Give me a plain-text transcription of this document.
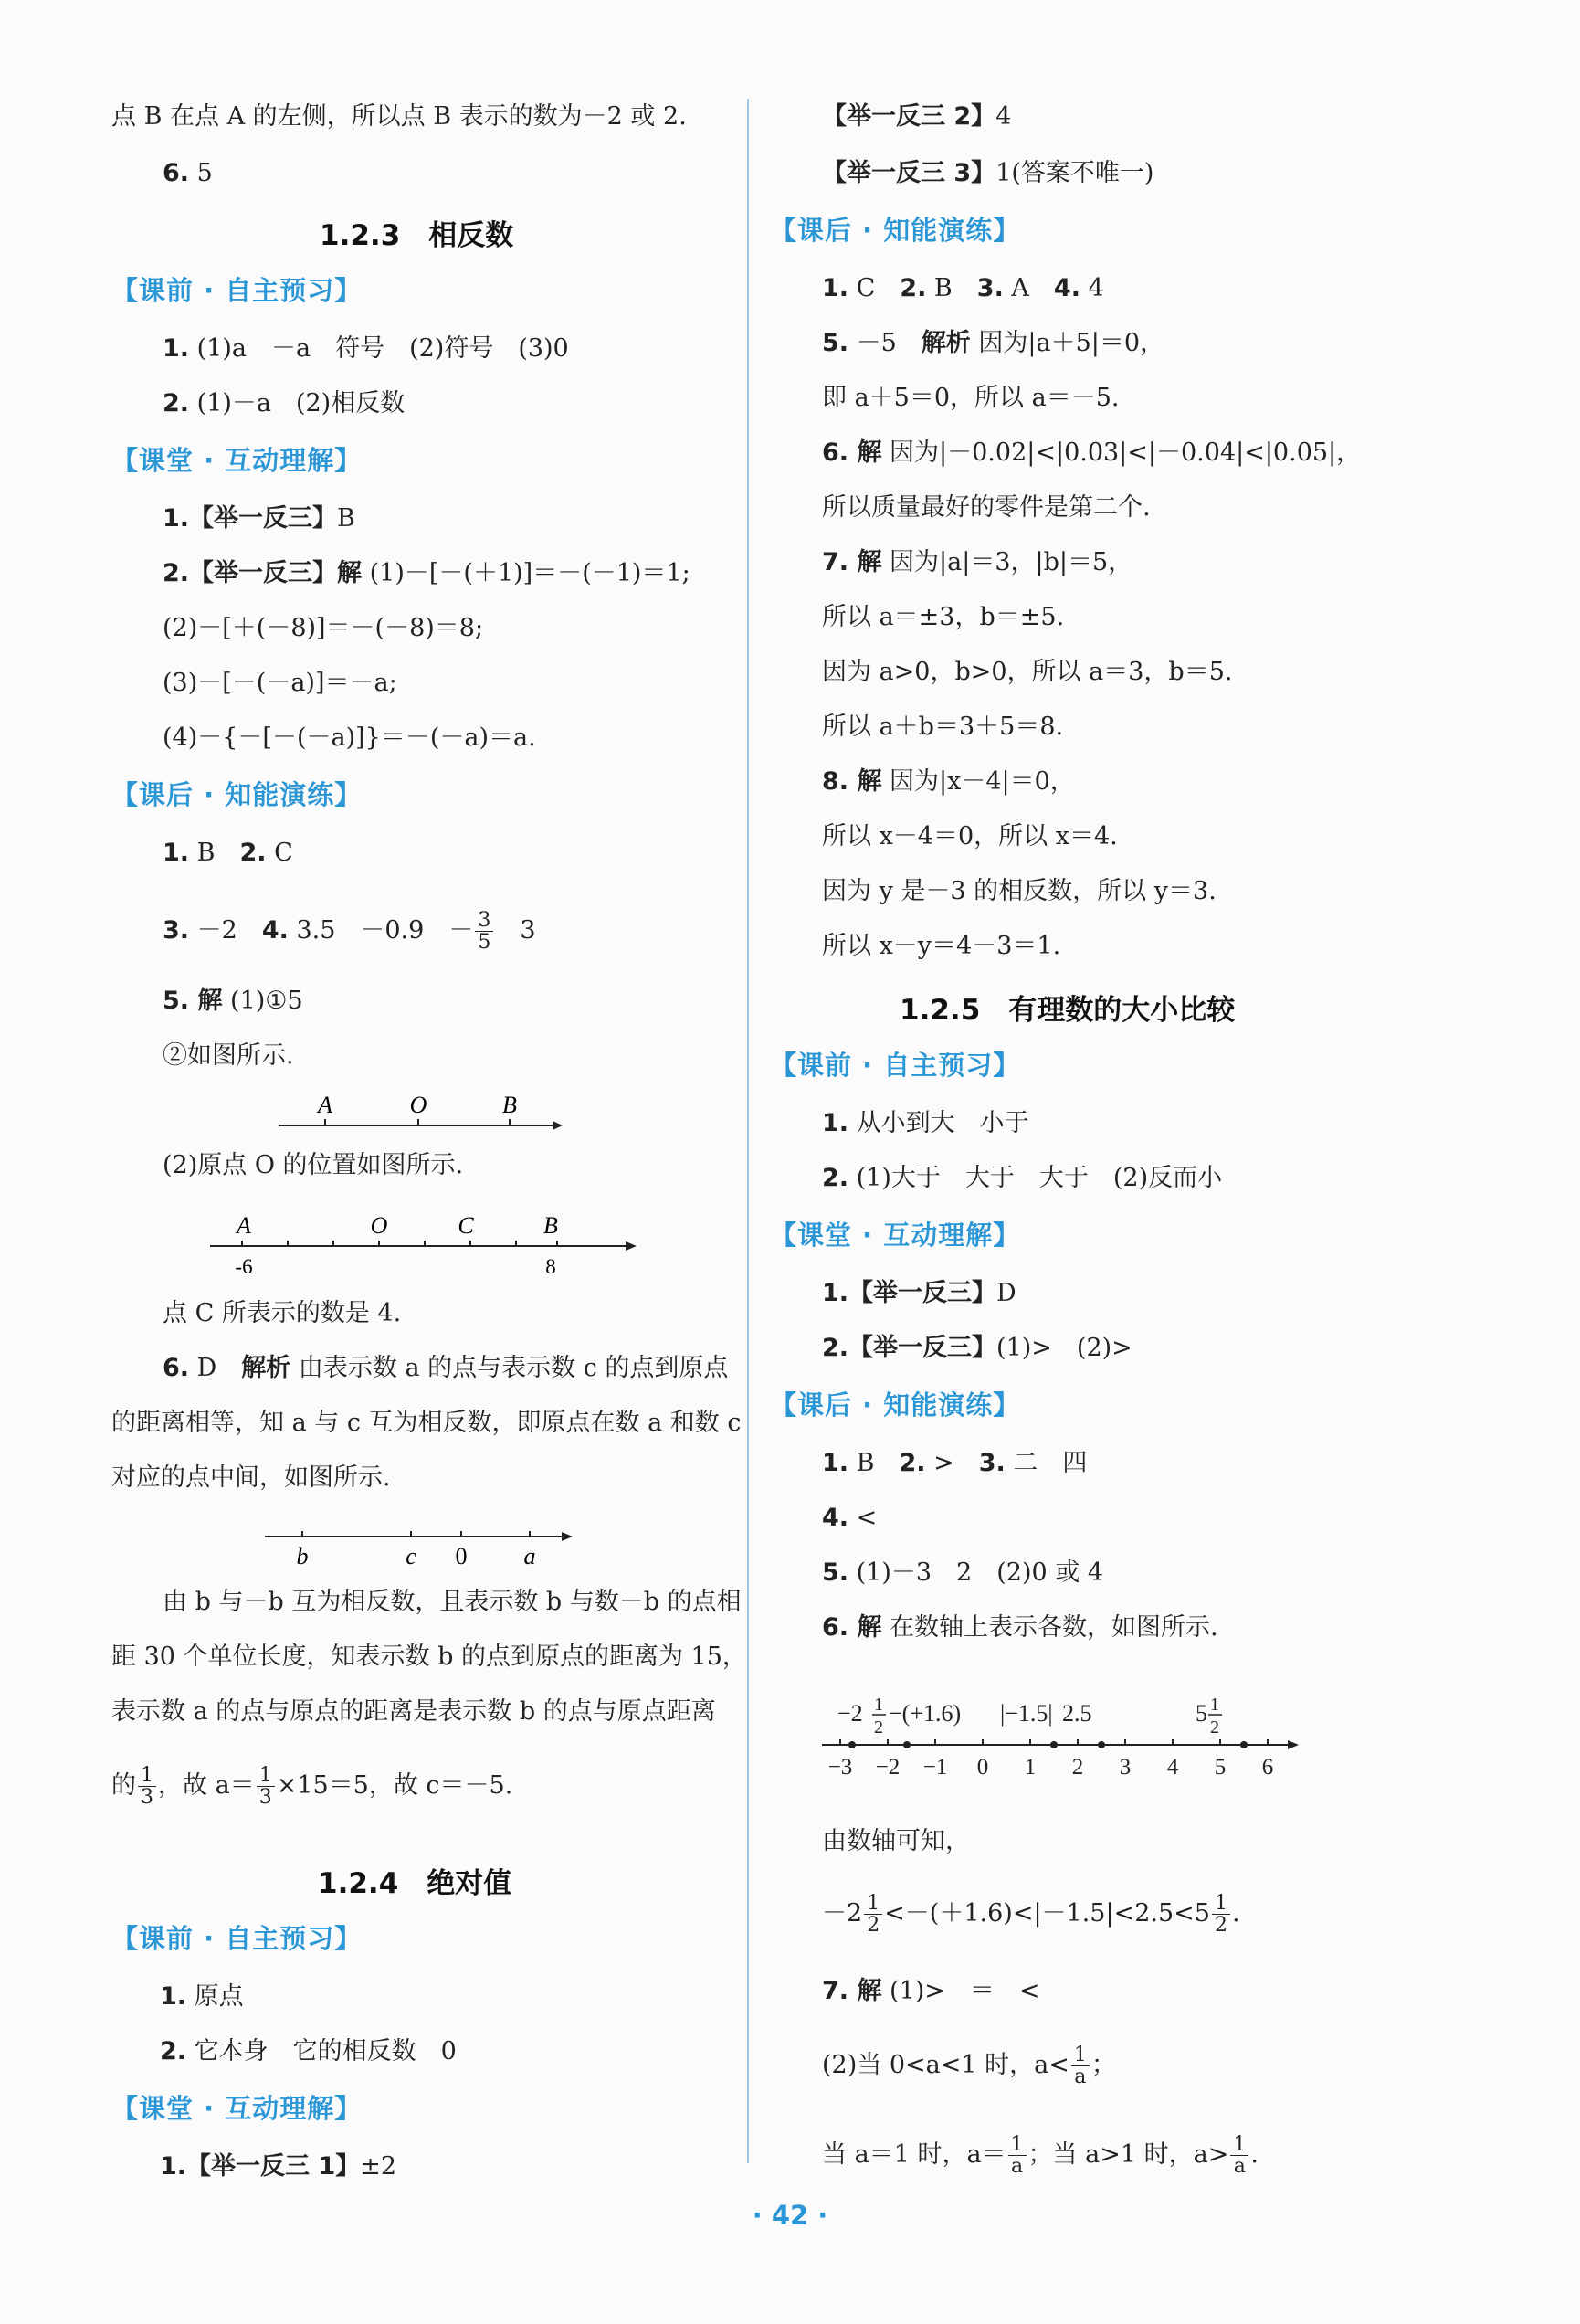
点 B 在点 A 的左侧，所以点 B 表示的数为－2 或 2.
6. 5
1.2.3　相反数
【课前 · 自主预习】
1. (1)a　－a　符号　(2)符号　(3)0
2. (1)－a　(2)相反数
【课堂 · 互动理解】
1.【举一反三】B
2.【举一反三】解 (1)－[－(＋1)]＝－(－1)＝1;
(2)－[＋(－8)]＝－(－8)＝8;
(3)－[－(－a)]＝－a;
(4)－{－[－(－a)]}＝－(－a)＝a.
【课后 · 知能演练】
1. B　2. C
3. －2　4. 3.5　－0.9　－ $\frac{3}{5}$ 　3
5. 解 (1)①5
②如图所示.
A	O	B
(2)原点 O 的位置如图所示.
A	O	C	B
-6	8
点 C 所表示的数是 4.
6. D　解析 由表示数 a 的点与表示数 c 的点到原点
的距离相等，知 a 与 c 互为相反数，即原点在数 a 和数 c
对应的点中间，如图所示.
b	c 0 a
由 b 与－b 互为相反数，且表示数 b 与数－b 的点相
距 30 个单位长度，知表示数 b 的点到原点的距离为 15，
表示数 a 的点与原点的距离是表示数 b 的点与原点距离
的 $\frac{1}{3}$ ，故 $a= \frac{1}{3} \times 15=5$，故 c＝－5.
1.2.4　绝对值
【课前 · 自主预习】
1. 原点
2. 它本身　它的相反数　0
【课堂 · 互动理解】
1.【举一反三 1】±2
【举一反三 2】4
【举一反三 3】1(答案不唯一)
【课后 · 知能演练】
1. C　2. B　3. A　4. 4
5. －5　解析 因为|a＋5|＝0，
即 a＋5＝0，所以 a＝－5.
6. 解 因为|－0.02|<|0.03|<|－0.04|<|0.05|，
所以质量最好的零件是第二个.
7. 解 因为|a|＝3，|b|＝5，
所以 a＝±3，b＝±5.
因为 a>0，b>0，所以 a＝3，b＝5.
所以 a＋b＝3＋5＝8.
8. 解 因为|x－4|＝0，
所以 x－4＝0，所以 x＝4.
因为 y 是－3 的相反数，所以 y＝3.
所以 x－y＝4－3＝1.
1.2.5　有理数的大小比较
【课前 · 自主预习】
1. 从小到大　小于
2. (1)大于　大于　大于　(2)反而小
【课堂 · 互动理解】
1.【举一反三】D
2.【举一反三】(1)>　(2)>
【课后 · 知能演练】
1. B　2. >　3. 二　四
4. <
5. (1)－3　2　(2)0 或 4
6. 解 在数轴上表示各数，如图所示.
−2 1
2
−(+1.6) |−1.5| 2.5	5 1
2
−3 −2 −1 0 1 2 3 4 5 6
由数轴可知，
$-2 \frac{1}{2} <-(+1.6)<|-1.5|<2.5<5 \frac{1}{2}$ .
7. 解 (1)>　＝　<
(2)当 0<a<1 时，$a< \frac{1}{a}$ ；
当 a＝1 时，$a= \frac{1}{a}$ ；当 a>1 时，$a> \frac{1}{a}$ .
· 42 ·
